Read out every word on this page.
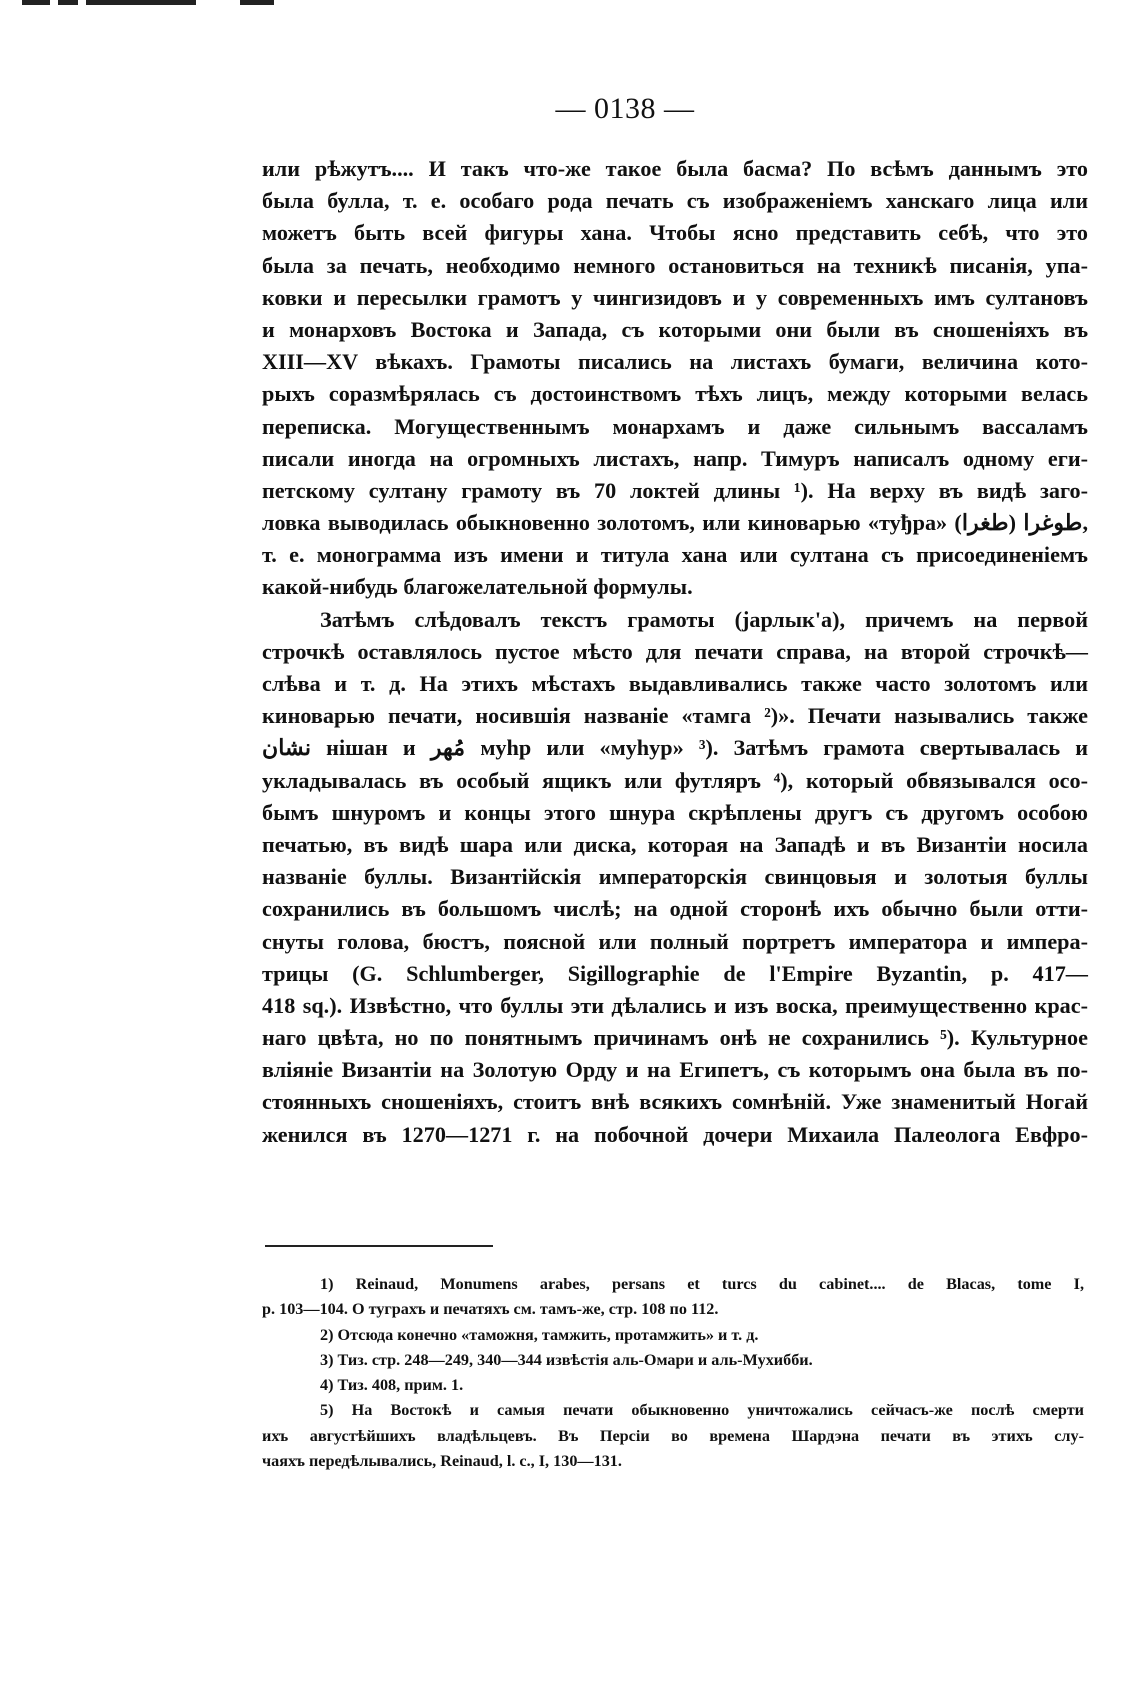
— 0138 —
или рѣжутъ.... И такъ что-же такое была басма? По всѣмъ даннымъ это
была булла, т. е. особаго рода печать съ изображеніемъ ханскаго лица или
можетъ быть всей фигуры хана. Чтобы ясно представить себѣ, что это
была за печать, необходимо немного остановиться на техникѣ писанія, упа-
ковки и пересылки грамотъ у чингизидовъ и у современныхъ имъ султановъ
и монарховъ Востока и Запада, съ которыми они были въ сношеніяхъ въ
XIII—XV вѣкахъ. Грамоты писались на листахъ бумаги, величина кото-
рыхъ соразмѣрялась съ достоинствомъ тѣхъ лицъ, между которыми велась
переписка. Могущественнымъ монархамъ и даже сильнымъ вассаламъ
писали иногда на огромныхъ листахъ, напр. Тимуръ написалъ одному еги-
петскому султану грамоту въ 70 локтей длины ¹). На верху въ видѣ заго-
ловка выводилась обыкновенно золотомъ, или киноварью «туђра» (طغرا) طوغرا,
т. е. монограмма изъ имени и титула хана или султана съ присоединеніемъ
какой-нибудь благожелательной формулы.
Затѣмъ слѣдовалъ текстъ грамоты (јарлык'а), причемъ на первой
строчкѣ оставлялось пустое мѣсто для печати справа, на второй строчкѣ—
слѣва и т. д. На этихъ мѣстахъ выдавливались также часто золотомъ или
киноварью печати, носившія названіе «тамга ²)». Печати назывались также
نشان нішан и مُهر муһр или «муһур» ³). Затѣмъ грамота свертывалась и
укладывалась въ особый ящикъ или футляръ ⁴), который обвязывался осо-
бымъ шнуромъ и концы этого шнура скрѣплены другъ съ другомъ особою
печатью, въ видѣ шара или диска, которая на Западѣ и въ Византіи носила
названіе буллы. Византійскія императорскія свинцовыя и золотыя буллы
сохранились въ большомъ числѣ; на одной сторонѣ ихъ обычно были отти-
снуты голова, бюстъ, поясной или полный портретъ императора и импера-
трицы (G. Schlumberger, Sigillographie de l'Empire Byzantin, p. 417—
418 sq.). Извѣстно, что буллы эти дѣлались и изъ воска, преимущественно крас-
наго цвѣта, но по понятнымъ причинамъ онѣ не сохранились ⁵). Культурное
вліяніе Византіи на Золотую Орду и на Египетъ, съ которымъ она была въ по-
стоянныхъ сношеніяхъ, стоитъ внѣ всякихъ сомнѣній. Уже знаменитый Ногай
женился въ 1270—1271 г. на побочной дочери Михаила Палеолога Евфро-
1) Reinaud, Monumens arabes, persans et turcs du cabinet.... de Blacas, tome I,
p. 103—104. О туграхъ и печатяхъ см. тамъ-же, стр. 108 по 112.
2) Отсюда конечно «таможня, тамжить, протамжить» и т. д.
3) Тиз. стр. 248—249, 340—344 извѣстія аль-Омари и аль-Мухибби.
4) Тиз. 408, прим. 1.
5) На Востокѣ и самыя печати обыкновенно уничтожались сейчасъ-же послѣ смерти
ихъ августѣйшихъ владѣльцевъ. Въ Персіи во времена Шардэна печати въ этихъ слу-
чаяхъ передѣлывались, Reinaud, l. c., I, 130—131.
